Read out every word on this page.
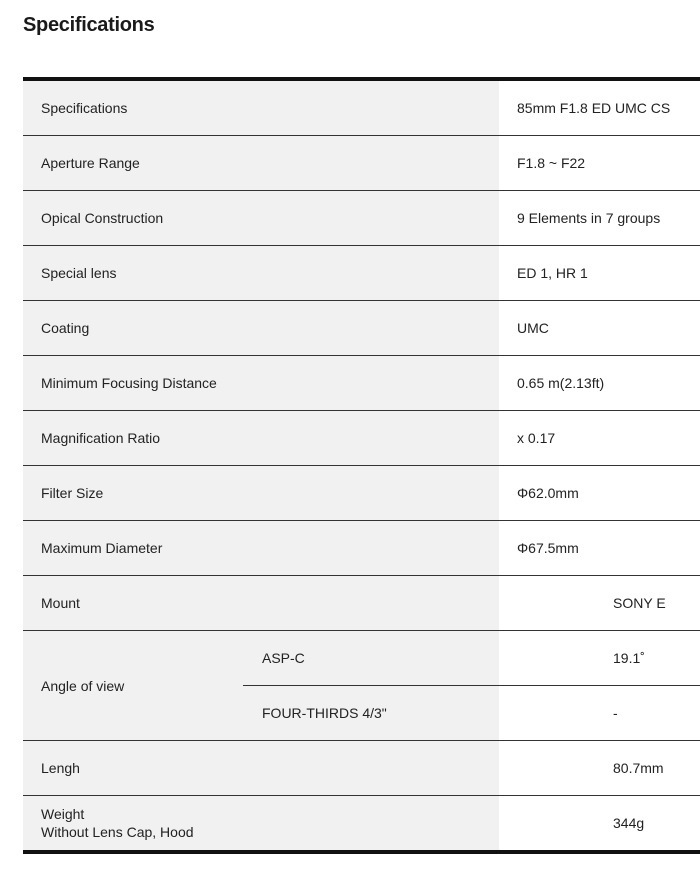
Specifications
Specifications		85mm F1.8 ED UMC CS
Aperture Range		F1.8 ~ F22
Opical Construction		9 Elements in 7 groups
Special lens		ED 1, HR 1
Coating		UMC
Minimum Focusing Distance		0.65 m(2.13ft)
Magnification Ratio		x 0.17
Filter Size		Φ62.0mm
Maximum Diameter		Φ67.5mm
Mount		SONY E
Angle of view	ASP-C	19.1˚
	FOUR-THIRDS 4/3"	-
Lengh		80.7mm

Weight
Without Lens Cap, Hood		344g
